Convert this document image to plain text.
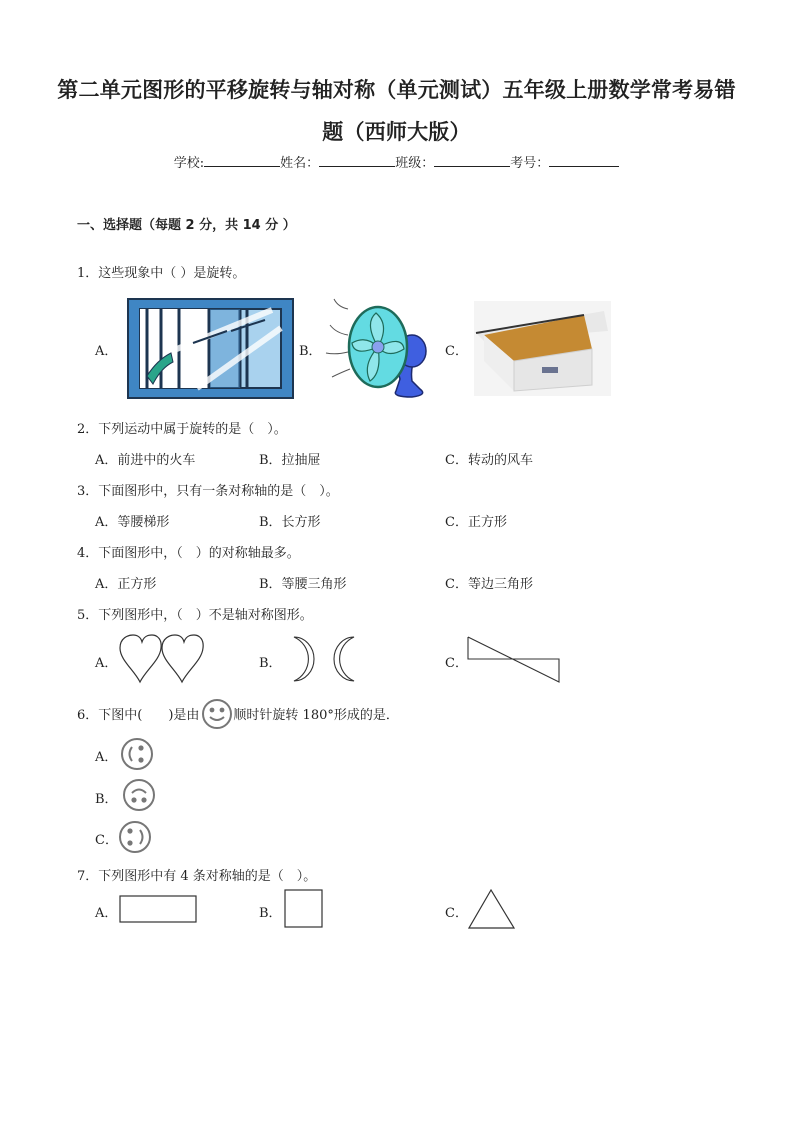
第二单元图形的平移旋转与轴对称（单元测试）五年级上册数学常考易错
题（西师大版）
学校:	姓名：	班级：	考号：
一、选择题（每题 2 分，共 14 分 ）
1．这些现象中（ ）是旋转。
A．	B．	C．
2．下列运动中属于旋转的是（　）。
A．前进中的火车	B．拉抽屉	C．转动的风车
3．下面图形中，只有一条对称轴的是（　）。
A．等腰梯形	B．长方形	C．正方形
4．下面图形中，（　）的对称轴最多。
A．正方形	B．等腰三角形	C．等边三角形
5．下列图形中，（　）不是轴对称图形。
A．	B．	C．
6．下图中(　　)是由	顺时针旋转 180°形成的是．
A．
B．
C．
7．下列图形中有 4 条对称轴的是（　）。
A．	B．	C．
